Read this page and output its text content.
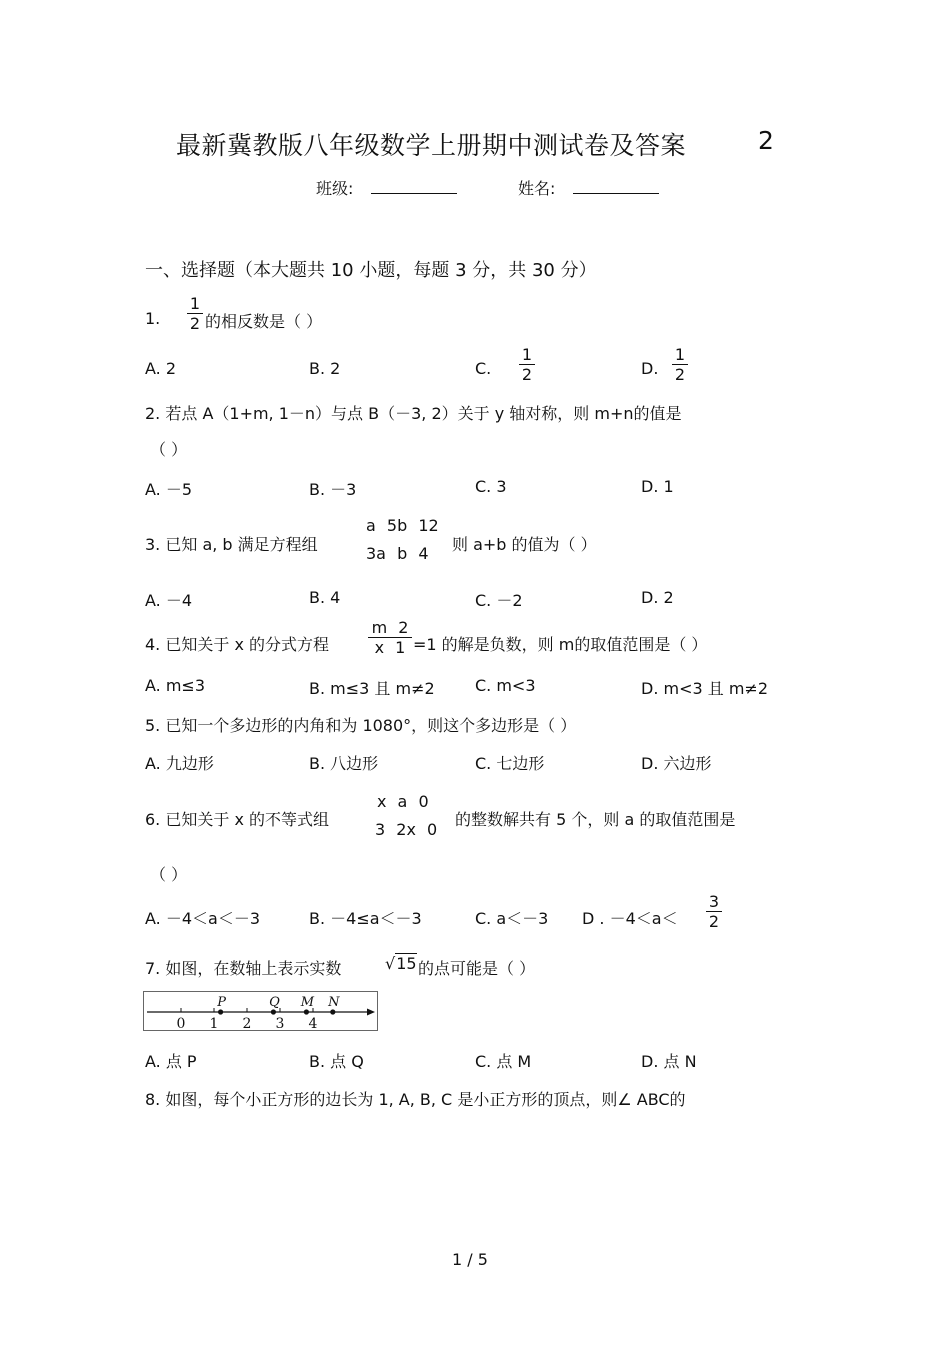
最新冀教版八年级数学上册期中测试卷及答案	2
班级:	姓名:
一、选择题（本大题共 10 小题，每题 3 分，共 30 分）
1.
1
2 的相反数是（ ）
A. 2	B. 2	C.
1
2	D.
1
2
2. 若点 A（1+m, 1－n）与点 B（－3, 2）关于 y 轴对称，则 m+n的值是
（ ）
A. －5	B. －3	C. 3	D. 1
3. 已知 a, b 满足方程组
a 5b 12
3a b 4	则 a+b 的值为（ ）
A. －4	B. 4	C. －2	D. 2
4. 已知关于 x 的分式方程
m 2
x 1 =1 的解是负数，则 m的取值范围是（ ）
A. m≤3	B. m≤3 且 m≠2	C. m<3	D. m<3 且 m≠2
5. 已知一个多边形的内角和为 1080°，则这个多边形是（ ）
A. 九边形	B. 八边形	C. 七边形	D. 六边形
6. 已知关于 x 的不等式组
x a 0
3 2x 0
的整数解共有 5 个，则 a 的取值范围是
（ ）
A. －4＜a＜－3	B. －4≤a＜－3	C. a＜－3 D . －4＜a＜
3
2
7. 如图，在数轴上表示实数	√15 的点可能是（ ）
0 1 2 3 4
P	Q M N
A. 点 P	B. 点 Q	C. 点 M	D. 点 N
8. 如图，每个小正方形的边长为 1, A, B, C 是小正方形的顶点，则∠ ABC的
1 / 5
